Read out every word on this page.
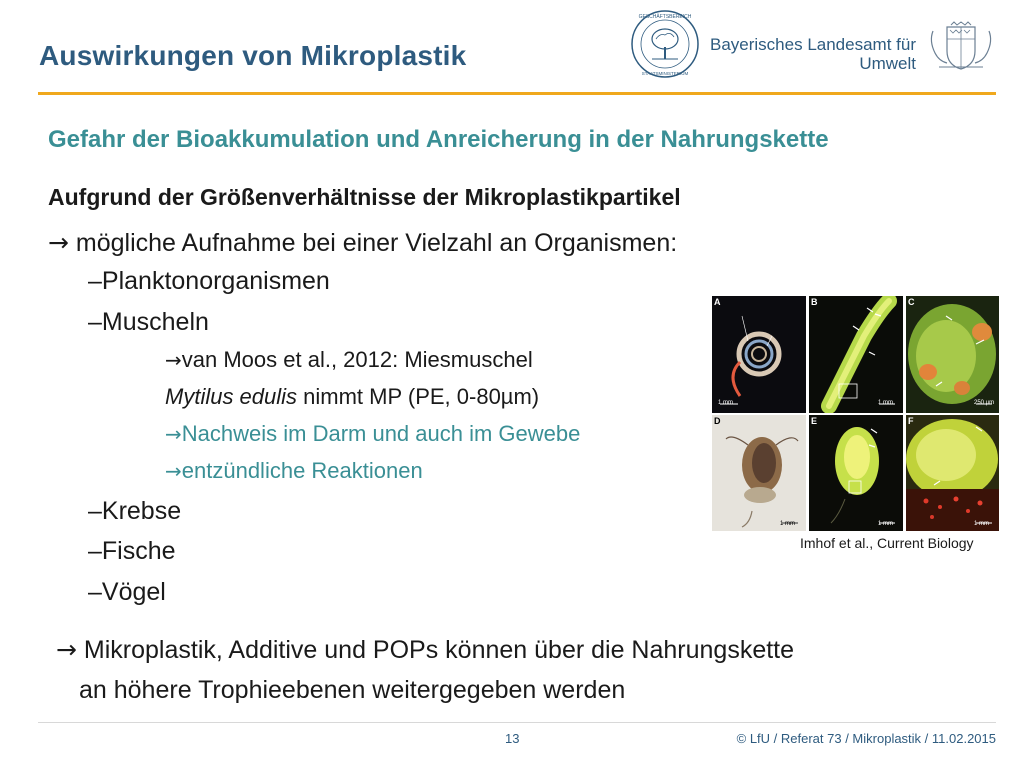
Auswirkungen von Mikroplastik
GESCHÄFTSBEREICH
STAATSMINISTERIUM
Bayerisches Landesamt für
Umwelt
Gefahr der Bioakkumulation und Anreicherung in der Nahrungskette
Aufgrund der Größenverhältnisse der Mikroplastikpartikel
→ mögliche Aufnahme bei einer Vielzahl an Organismen:
–Planktonorganismen
–Muscheln
→van Moos et al., 2012: Miesmuschel
Mytilus edulis nimmt MP (PE, 0-80µm)
→Nachweis im Darm und auch im Gewebe
→entzündliche Reaktionen
–Krebse
–Fische
–Vögel
→ Mikroplastik, Additive und POPs können über die Nahrungskette
an höhere Trophieebenen weitergegeben werden
A
1 mm
B
1 mm
C
250 µm
D
1 mm
E
1 mm
F
1 mm
Imhof et al., Current Biology
13	© LfU / Referat 73 / Mikroplastik / 11.02.2015
